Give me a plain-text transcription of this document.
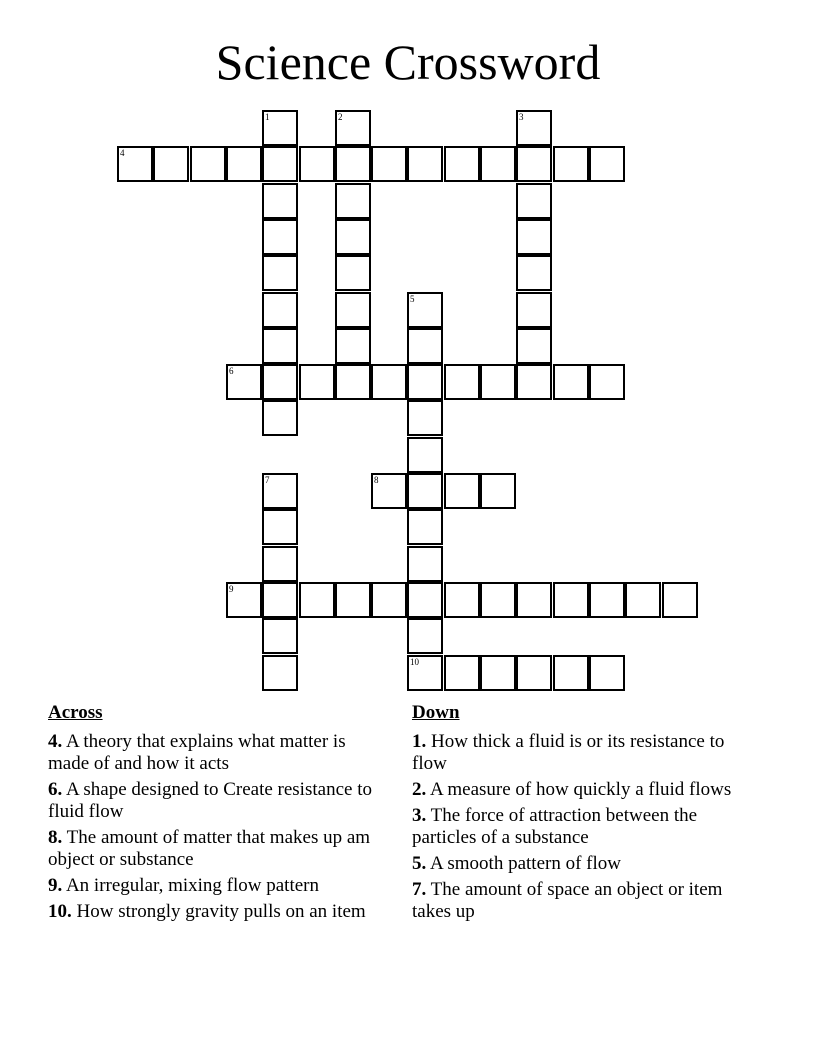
Science Crossword
1	2	3
4
5
10
6
7	8
9
Across
4. A theory that explains what matter is made of and how it acts
6. A shape designed to Create resistance to fluid flow
8. The amount of matter that makes up am object or substance
9. An irregular, mixing flow pattern
10. How strongly gravity pulls on an item
Down
1. How thick a fluid is or its resistance to flow
2. A measure of how quickly a fluid flows
3. The force of attraction between the particles of a substance
5. A smooth pattern of flow
7. The amount of space an object or item takes up
